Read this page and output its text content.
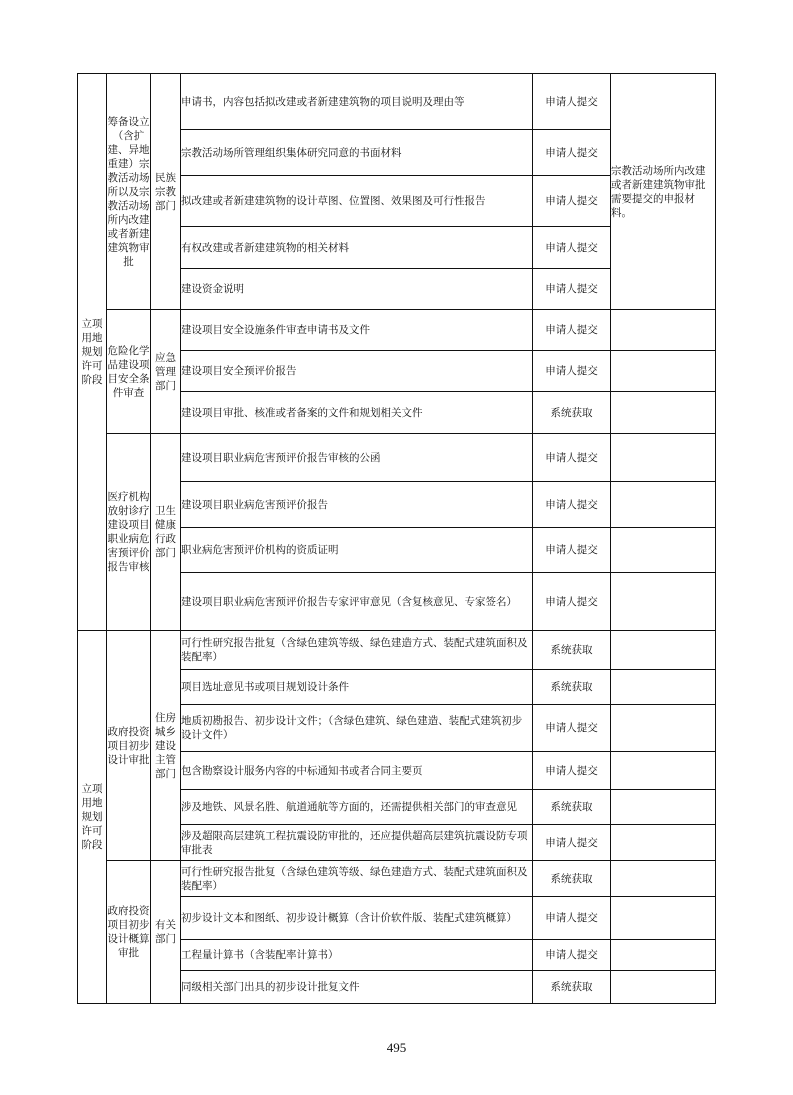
立项用地规划许可阶段	筹备设立（含扩建、异地重建）宗教活动场所以及宗教活动场所内改建或者新建建筑物审批	民族宗教部门	申请书，内容包括拟改建或者新建建筑物的项目说明及理由等	申请人提交	宗教活动场所内改建或者新建建筑物审批需要提交的申报材料。
			宗教活动场所管理组织集体研究同意的书面材料	申请人提交	
			拟改建或者新建建筑物的设计草图、位置图、效果图及可行性报告	申请人提交	
			有权改建或者新建建筑物的相关材料	申请人提交	
			建设资金说明	申请人提交	
	危险化学品建设项目安全条件审查	应急管理部门	建设项目安全设施条件审查申请书及文件	申请人提交	
			建设项目安全预评价报告	申请人提交	
			建设项目审批、核准或者备案的文件和规划相关文件	系统获取	
	医疗机构放射诊疗建设项目职业病危害预评价报告审核	卫生健康行政部门	建设项目职业病危害预评价报告审核的公函	申请人提交	
			建设项目职业病危害预评价报告	申请人提交	
			职业病危害预评价机构的资质证明	申请人提交	
			建设项目职业病危害预评价报告专家评审意见（含复核意见、专家签名）	申请人提交	
立项用地规划许可阶段	政府投资项目初步设计审批	住房城乡建设主管部门	可行性研究报告批复（含绿色建筑等级、绿色建造方式、装配式建筑面积及装配率）	系统获取	
			项目选址意见书或项目规划设计条件	系统获取	
			地质初勘报告、初步设计文件；（含绿色建筑、绿色建造、装配式建筑初步设计文件）	申请人提交	
			包含勘察设计服务内容的中标通知书或者合同主要页	申请人提交	
			涉及地铁、风景名胜、航道通航等方面的，还需提供相关部门的审查意见	系统获取	
			涉及超限高层建筑工程抗震设防审批的，还应提供超高层建筑抗震设防专项审批表	申请人提交	
	政府投资项目初步设计概算审批	有关部门	可行性研究报告批复（含绿色建筑等级、绿色建造方式、装配式建筑面积及装配率）	系统获取	
			初步设计文本和图纸、初步设计概算（含计价软件版、装配式建筑概算）	申请人提交	
			工程量计算书（含装配率计算书）	申请人提交	
			同级相关部门出具的初步设计批复文件	系统获取	
495
